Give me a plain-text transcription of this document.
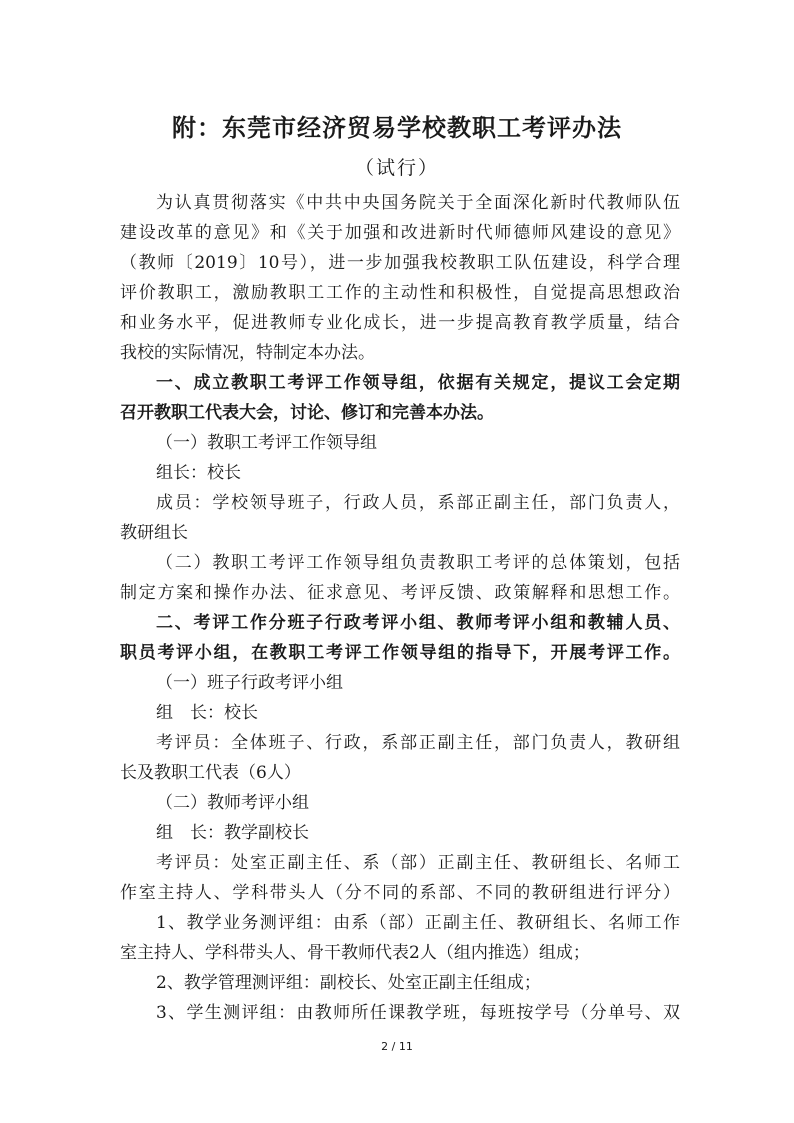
附：东莞市经济贸易学校教职工考评办法
（试行）

为认真贯彻落实《中共中央国务院关于全面深化新时代教师队伍

建设改革的意见》和《关于加强和改进新时代师德师风建设的意见》

（教师〔2019〕10号），进一步加强我校教职工队伍建设，科学合理

评价教职工，激励教职工工作的主动性和积极性，自觉提高思想政治

和业务水平，促进教师专业化成长，进一步提高教育教学质量，结合

我校的实际情况，特制定本办法。

一、成立教职工考评工作领导组，依据有关规定，提议工会定期

召开教职工代表大会，讨论、修订和完善本办法。

（一）教职工考评工作领导组

组长：校长

成员：学校领导班子，行政人员，系部正副主任，部门负责人，

教研组长

（二）教职工考评工作领导组负责教职工考评的总体策划，包括

制定方案和操作办法、征求意见、考评反馈、政策解释和思想工作。

二、考评工作分班子行政考评小组、教师考评小组和教辅人员、

职员考评小组，在教职工考评工作领导组的指导下，开展考评工作。

（一）班子行政考评小组

组　长：校长

考评员：全体班子、行政，系部正副主任，部门负责人，教研组

长及教职工代表（6人）

（二）教师考评小组

组　长：教学副校长

考评员：处室正副主任、系（部）正副主任、教研组长、名师工

作室主持人、学科带头人（分不同的系部、不同的教研组进行评分）

1、教学业务测评组：由系（部）正副主任、教研组长、名师工作

室主持人、学科带头人、骨干教师代表2人（组内推选）组成；

2、教学管理测评组：副校长、处室正副主任组成；

3、学生测评组：由教师所任课教学班，每班按学号（分单号、双

2 / 11
